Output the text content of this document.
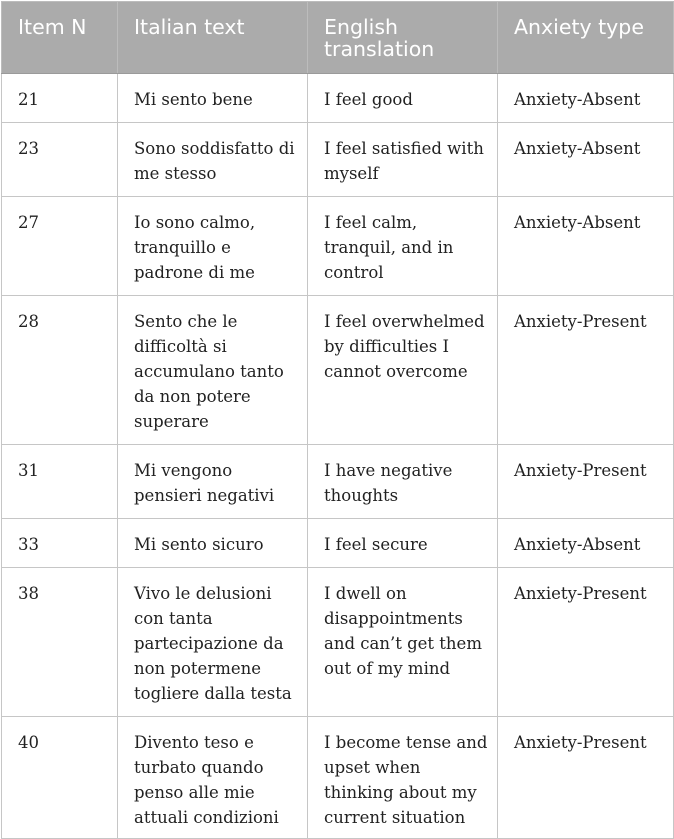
Item N	Italian text	English translation	Anxiety type
21	Mi sento bene	I feel good	Anxiety-Absent
23	Sono soddisfatto di me stesso	I feel satisfied with myself	Anxiety-Absent
27	Io sono calmo, tranquillo e padrone di me	I feel calm, tranquil, and in control	Anxiety-Absent
28	Sento che le difficoltà si accumulano tanto da non potere superare	I feel overwhelmed by difficulties I cannot overcome	Anxiety-Present
31	Mi vengono pensieri negativi	I have negative thoughts	Anxiety-Present
33	Mi sento sicuro	I feel secure	Anxiety-Absent
38	Vivo le delusioni con tanta partecipazione da non potermene togliere dalla testa	I dwell on disappointments and can’t get them out of my mind	Anxiety-Present
40	Divento teso e turbato quando penso alle mie attuali condizioni	I become tense and upset when thinking about my current situation	Anxiety-Present
